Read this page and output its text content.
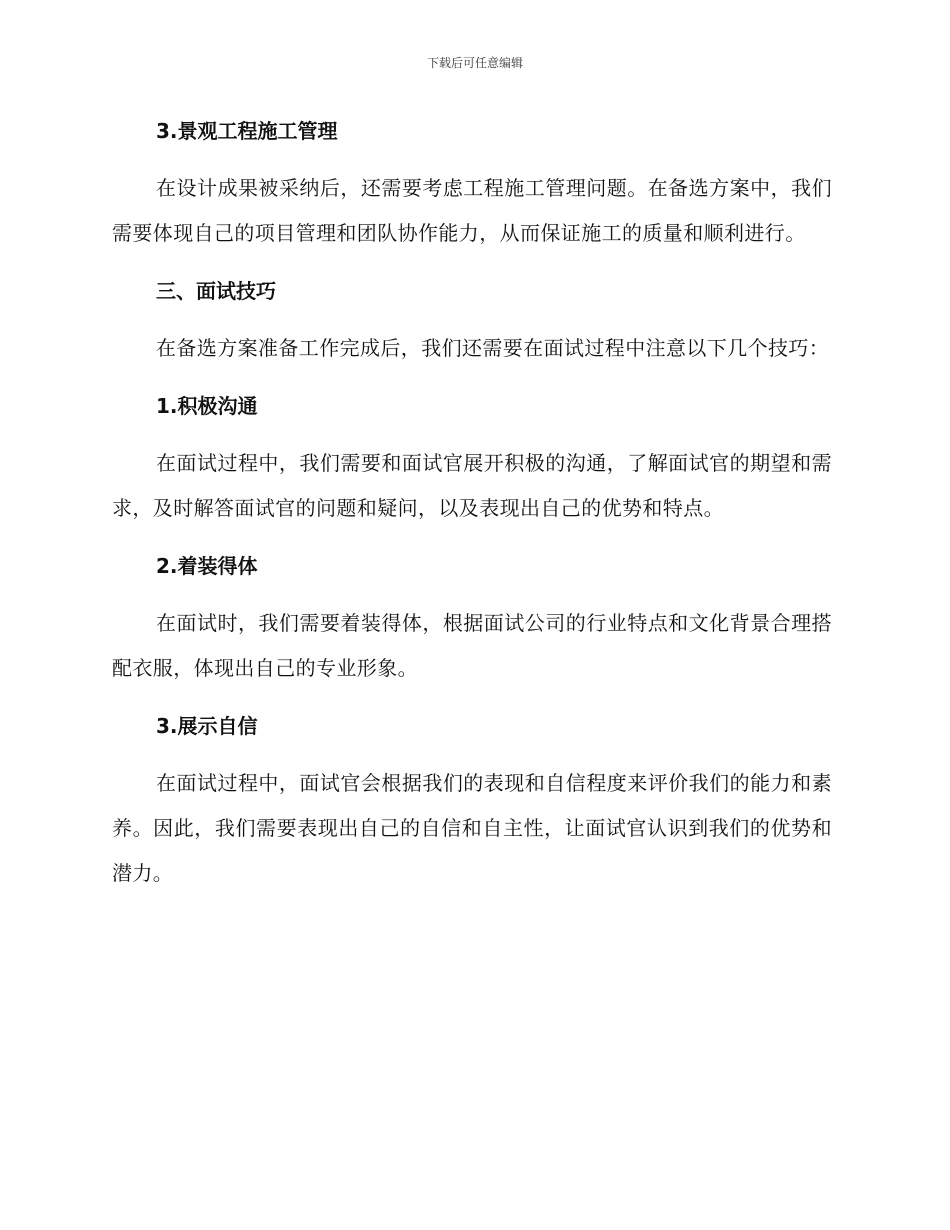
下载后可任意编辑
3.景观工程施工管理
在设计成果被采纳后，还需要考虑工程施工管理问题。在备选方案中，我们需要体现自己的项目管理和团队协作能力，从而保证施工的质量和顺利进行。
三、面试技巧
在备选方案准备工作完成后，我们还需要在面试过程中注意以下几个技巧：
1.积极沟通
在面试过程中，我们需要和面试官展开积极的沟通，了解面试官的期望和需求，及时解答面试官的问题和疑问，以及表现出自己的优势和特点。
2.着装得体
在面试时，我们需要着装得体，根据面试公司的行业特点和文化背景合理搭配衣服，体现出自己的专业形象。
3.展示自信
在面试过程中，面试官会根据我们的表现和自信程度来评价我们的能力和素养。因此，我们需要表现出自己的自信和自主性，让面试官认识到我们的优势和潜力。
